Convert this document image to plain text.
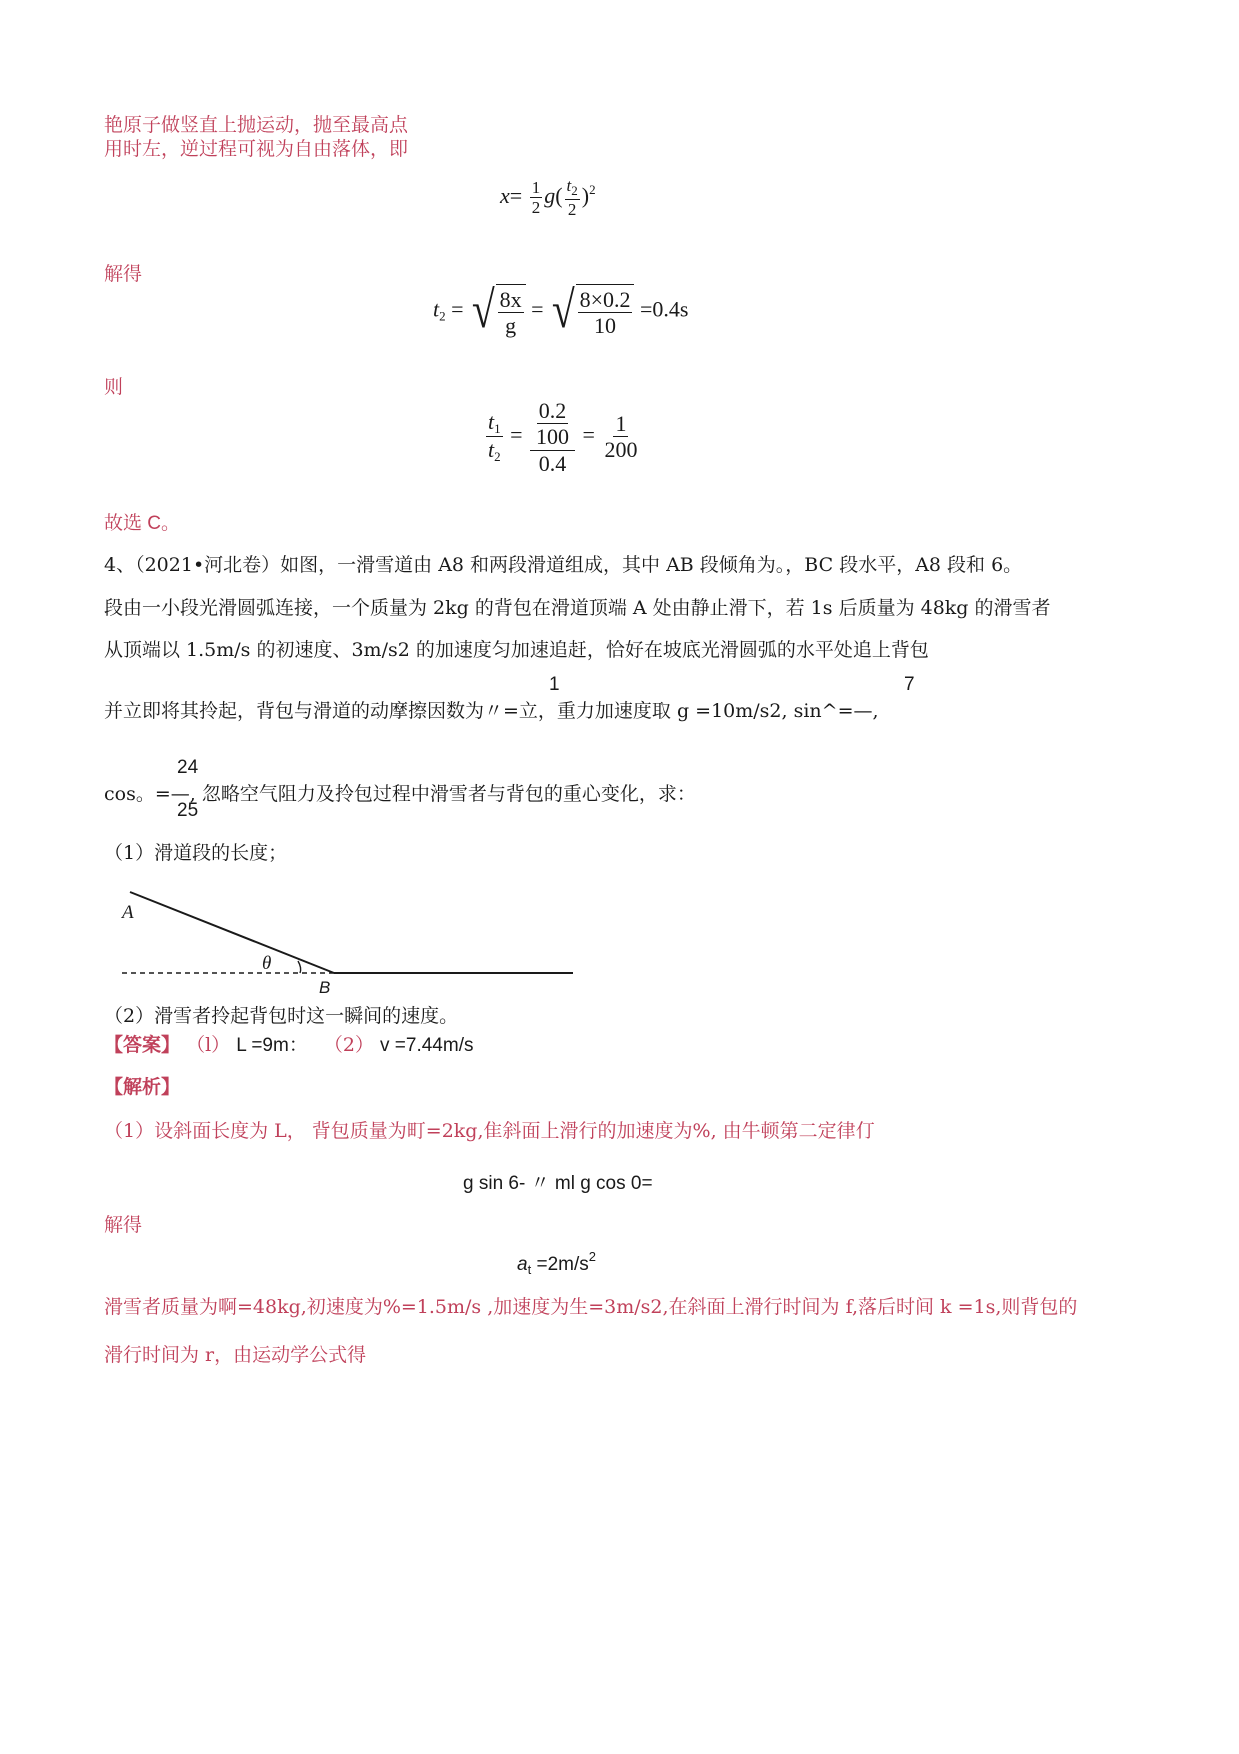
艳原子做竖直上抛运动，抛至最高点
用时左，逆过程可视为自由落体，即
$x= \frac{1}{2} g( \frac{t_2}{2} )^2$
解得
$t_2$ = √ $\frac{8x}{g}$ = √ $\frac{8\times 0.2}{10} =0.4s$
则
$\frac{t_1}{t_2} = \frac{\frac{0.2}{100}}{0.4} = \frac{1}{200}$
故选 C。
4、（2021•河北卷）如图，一滑雪道由 A8 和两段滑道组成，其中 AB 段倾角为。，BC 段水平，A8 段和 6。
段由一小段光滑圆弧连接，一个质量为 2kg 的背包在滑道顶端 A 处由静止滑下，若 1s 后质量为 48kg 的滑雪者
从顶端以 1.5m/s 的初速度、3m/s2 的加速度匀加速追赶，恰好在坡底光滑圆弧的水平处追上背包
1	7
并立即将其拎起，背包与滑道的动摩擦因数为〃=立，重力加速度取 g =10m/s2, sin^=—,
24
cos。=—, 忽略空气阻力及拎包过程中滑雪者与背包的重心变化，求：
25
（1）滑道段的长度；
A
θ
B
（2）滑雪者拎起背包时这一瞬间的速度。
【答案】 （l） L =9m： （2） v =7.44m/s
【解析】
（1）设斜面长度为 L， 背包质量为町=2kg,隹斜面上滑行的加速度为%, 由牛顿第二定律仃
g sin 6- 〃 ml g cos 0=
解得
$a_t =2m/s^2$
滑雪者质量为啊=48kg,初速度为%=1.5m/s ,加速度为生=3m/s2,在斜面上滑行时间为 f,落后时间 k =1s,则背包的
滑行时间为 r，由运动学公式得
